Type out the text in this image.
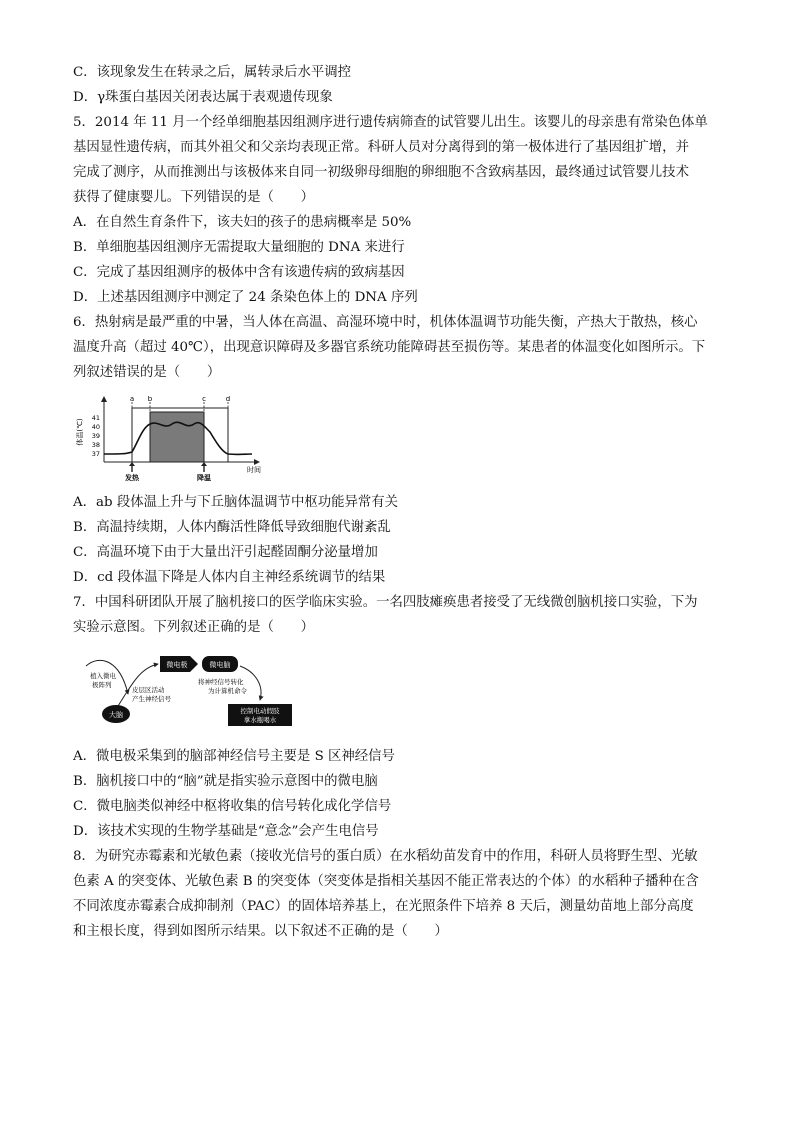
C．该现象发生在转录之后，属转录后水平调控
D．γ珠蛋白基因关闭表达属于表观遗传现象
5．2014 年 11 月一个经单细胞基因组测序进行遗传病筛查的试管婴儿出生。该婴儿的母亲患有常染色体单
基因显性遗传病，而其外祖父和父亲均表现正常。科研人员对分离得到的第一极体进行了基因组扩增，并
完成了测序，从而推测出与该极体来自同一初级卵母细胞的卵细胞不含致病基因，最终通过试管婴儿技术
获得了健康婴儿。下列错误的是（　　）
A．在自然生育条件下，该夫妇的孩子的患病概率是 50%
B．单细胞基因组测序无需提取大量细胞的 DNA 来进行
C．完成了基因组测序的极体中含有该遗传病的致病基因
D．上述基因组测序中测定了 24 条染色体上的 DNA 序列
6．热射病是最严重的中暑，当人体在高温、高湿环境中时，机体体温调节功能失衡，产热大于散热，核心
温度升高（超过 40℃），出现意识障碍及多器官系统功能障碍甚至损伤等。某患者的体温变化如图所示。下
列叙述错误的是（　　）
体温(℃)
41
40
39
38
37
a b	c	d
发热	降温
时间
A．ab 段体温上升与下丘脑体温调节中枢功能异常有关
B．高温持续期，人体内酶活性降低导致细胞代谢紊乱
C．高温环境下由于大量出汗引起醛固酮分泌量增加
D．cd 段体温下降是人体内自主神经系统调节的结果
7．中国科研团队开展了脑机接口的医学临床实验。一名四肢瘫痪患者接受了无线微创脑机接口实验，下为
实验示意图。下列叙述正确的是（　　）
植入微电
极阵列
大脑
皮层区活动
产生神经信号
微电极	微电脑
将神经信号转化
为计算机命令
控制电动假肢
拿水瓶喝水
A．微电极采集到的脑部神经信号主要是 S 区神经信号
B．脑机接口中的“脑”就是指实验示意图中的微电脑
C．微电脑类似神经中枢将收集的信号转化成化学信号
D．该技术实现的生物学基础是“意念”会产生电信号
8．为研究赤霉素和光敏色素（接收光信号的蛋白质）在水稻幼苗发育中的作用，科研人员将野生型、光敏
色素 A 的突变体、光敏色素 B 的突变体（突变体是指相关基因不能正常表达的个体）的水稻种子播种在含
不同浓度赤霉素合成抑制剂（PAC）的固体培养基上，在光照条件下培养 8 天后，测量幼苗地上部分高度
和主根长度，得到如图所示结果。以下叙述不正确的是（　　）
